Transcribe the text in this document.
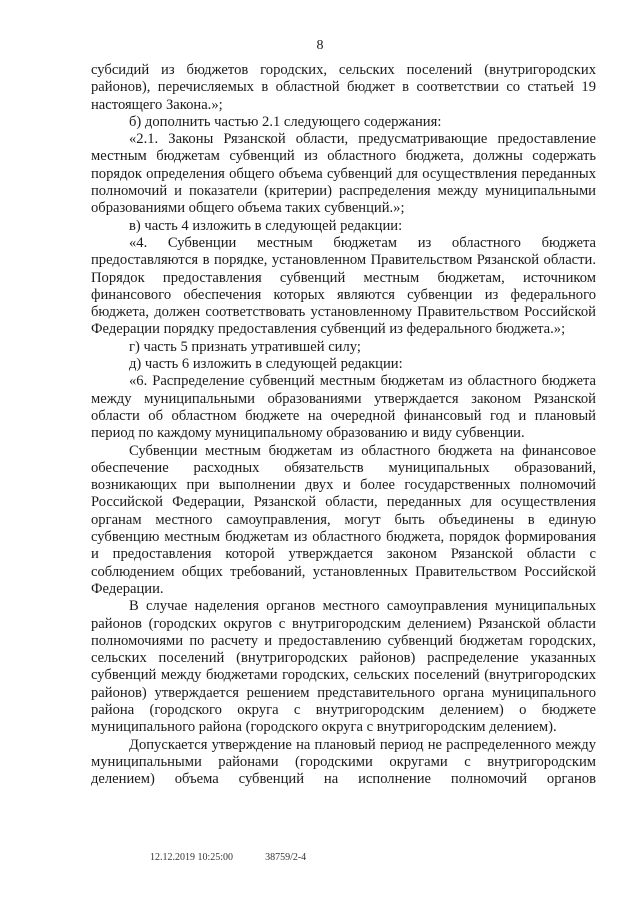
8

субсидий из бюджетов городских, сельских поселений (внутригородских районов), перечисляемых в областной бюджет в соответствии со статьей 19 настоящего Закона.»;

б) дополнить частью 2.1 следующего содержания:

«2.1. Законы Рязанской области, предусматривающие предоставление местным бюджетам субвенций из областного бюджета, должны содержать порядок определения общего объема субвенций для осуществления переданных полномочий и показатели (критерии) распределения между муниципальными образованиями общего объема таких субвенций.»;

в) часть 4 изложить в следующей редакции:

«4. Субвенции местным бюджетам из областного бюджета предоставляются в порядке, установленном Правительством Рязанской области. Порядок предоставления субвенций местным бюджетам, источником финансового обеспечения которых являются субвенции из федерального бюджета, должен соответствовать установленному Правительством Российской Федерации порядку предоставления субвенций из федерального бюджета.»;

г) часть 5 признать утратившей силу;

д) часть 6 изложить в следующей редакции:

«6. Распределение субвенций местным бюджетам из областного бюджета между муниципальными образованиями утверждается законом Рязанской области об областном бюджете на очередной финансовый год и плановый период по каждому муниципальному образованию и виду субвенции.

Субвенции местным бюджетам из областного бюджета на финансовое обеспечение расходных обязательств муниципальных образований, возникающих при выполнении двух и более государственных полномочий Российской Федерации, Рязанской области, переданных для осуществления органам местного самоуправления, могут быть объединены в единую субвенцию местным бюджетам из областного бюджета, порядок формирования и предоставления которой утверждается законом Рязанской области с соблюдением общих требований, установленных Правительством Российской Федерации.

В случае наделения органов местного самоуправления муниципальных районов (городских округов с внутригородским делением) Рязанской области полномочиями по расчету и предоставлению субвенций бюджетам городских, сельских поселений (внутригородских районов) распределение указанных субвенций между бюджетами городских, сельских поселений (внутригородских районов) утверждается решением представительного органа муниципального района (городского округа с внутригородским делением) о бюджете муниципального района (городского округа с внутригородским делением).

Допускается утверждение на плановый период не распределенного между муниципальными районами (городскими округами с внутригородским делением) объема субвенций на исполнение полномочий органов

12.12.2019 10:25:00	38759/2-4
